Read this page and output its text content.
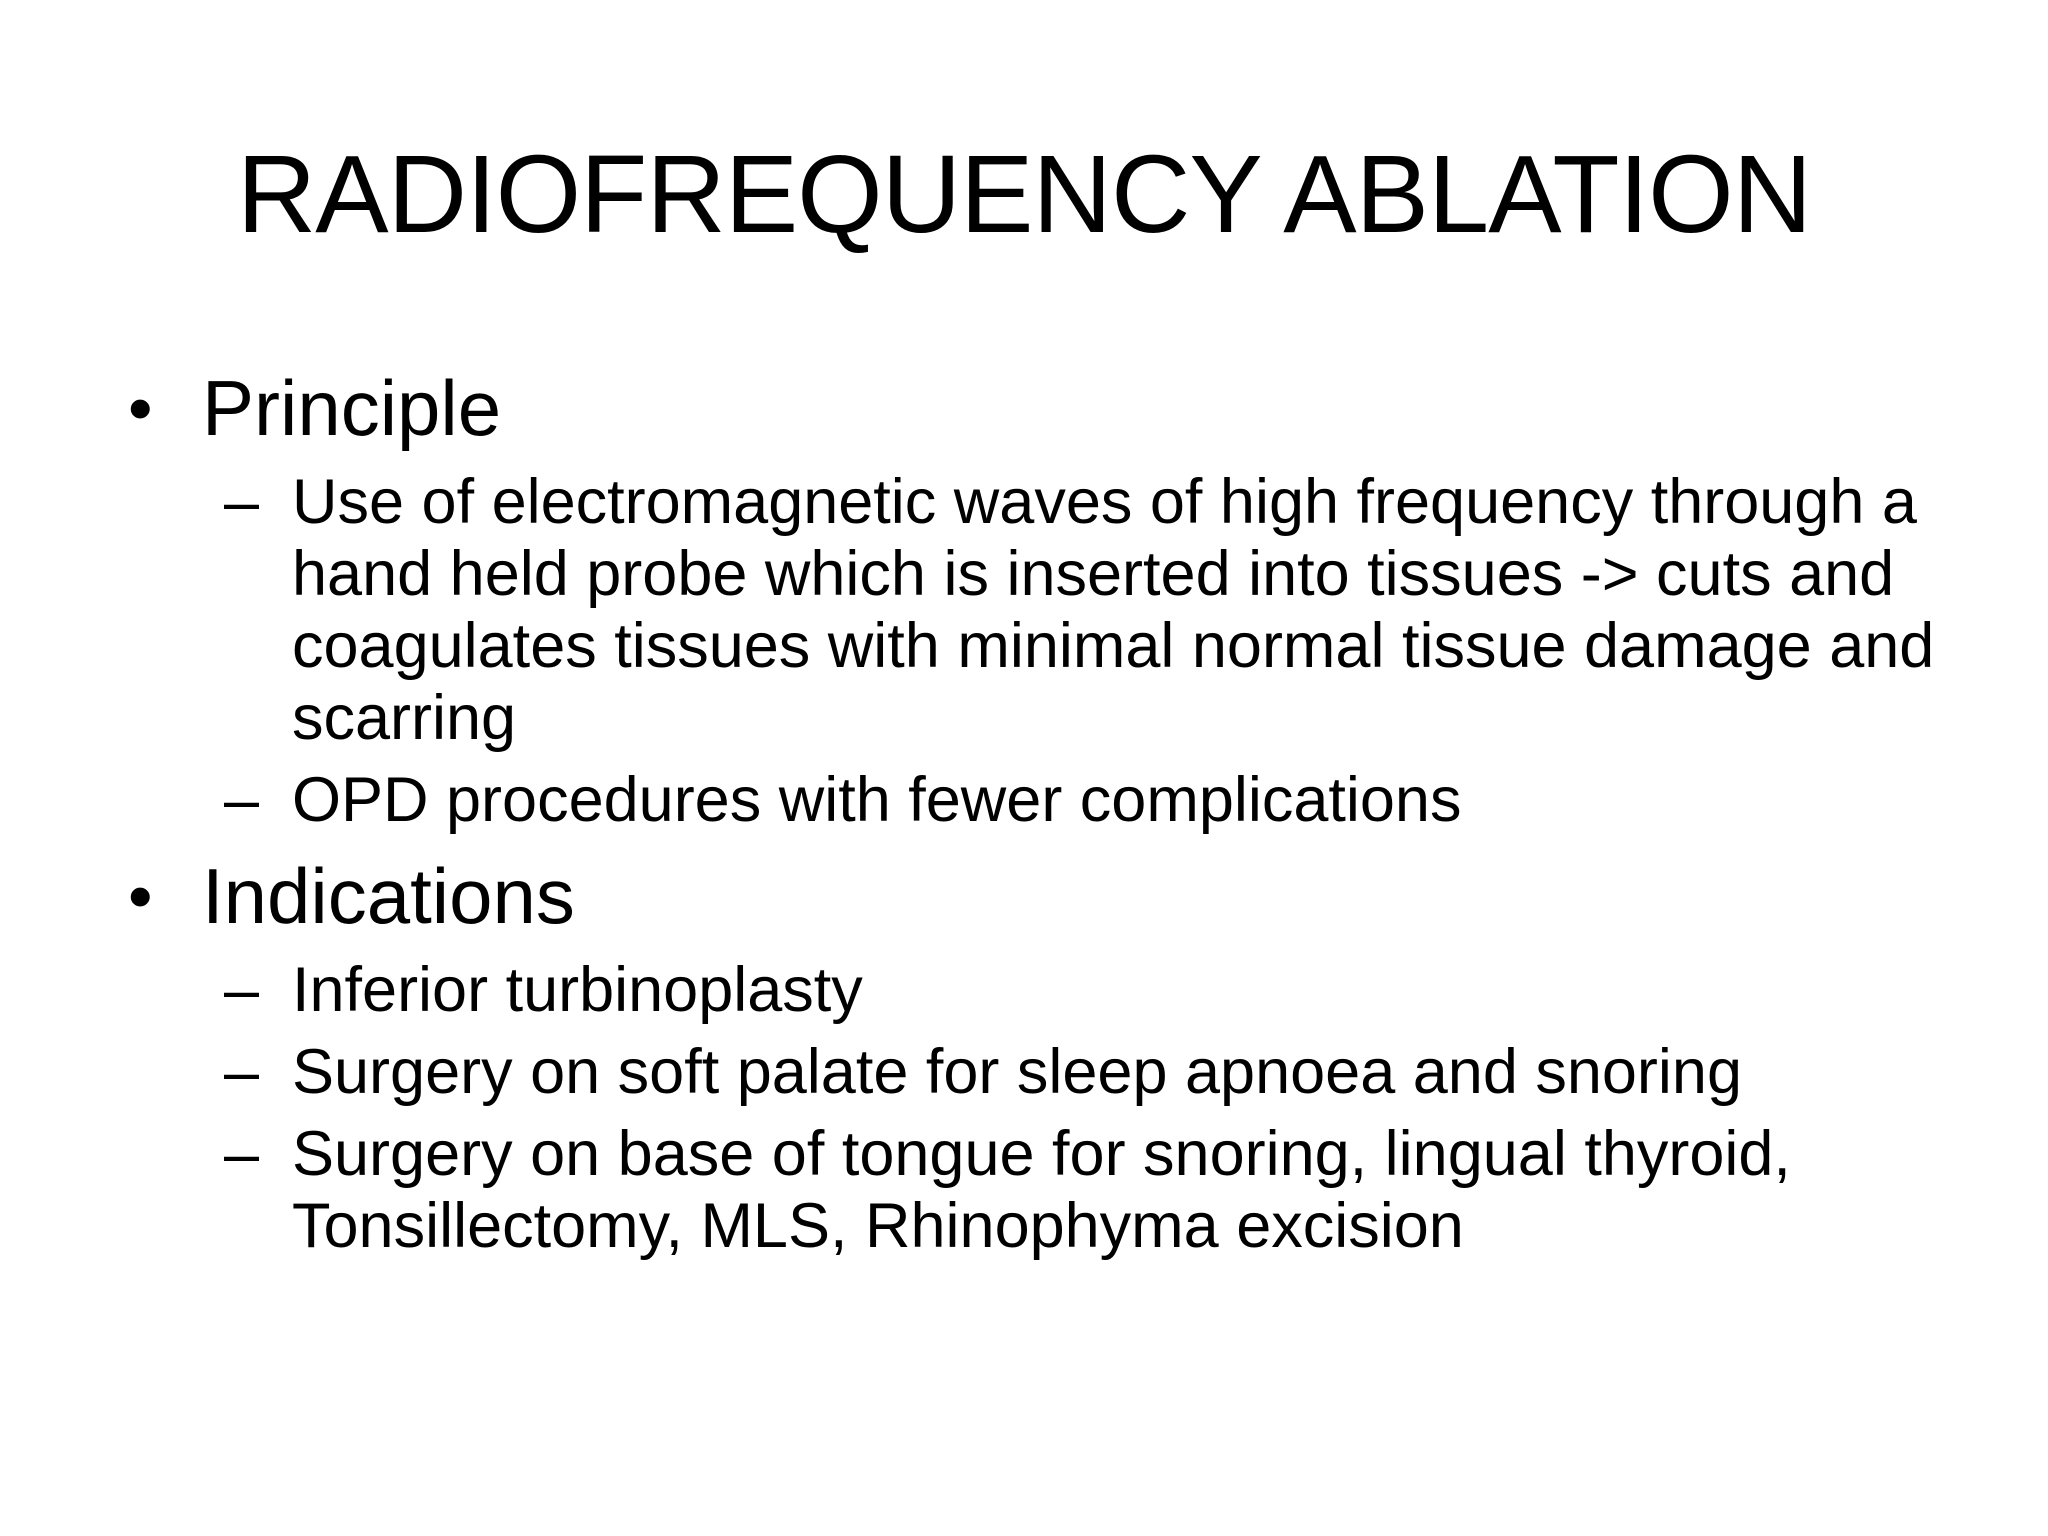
RADIOFREQUENCY ABLATION
• Principle
– Use of electromagnetic waves of high frequency through a hand held probe which is inserted into tissues -> cuts and coagulates tissues with minimal normal tissue damage and scarring
– OPD procedures with fewer complications
• Indications
– Inferior turbinoplasty
– Surgery on soft palate for sleep apnoea and snoring
– Surgery on base of tongue for snoring, lingual thyroid, Tonsillectomy, MLS, Rhinophyma excision
